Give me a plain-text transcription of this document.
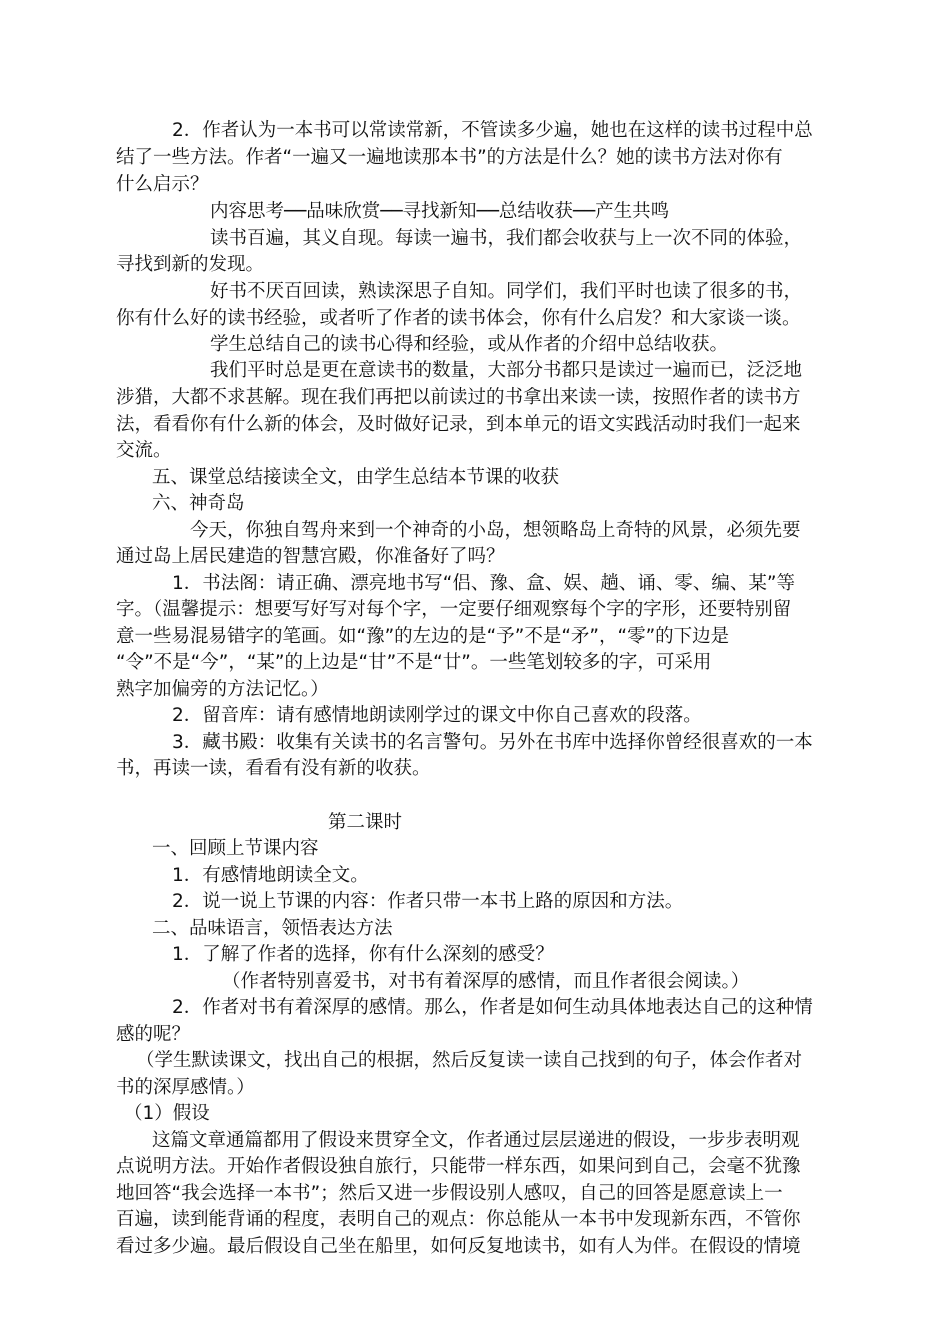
2．作者认为一本书可以常读常新，不管读多少遍，她也在这样的读书过程中总
结了一些方法。作者“一遍又一遍地读那本书”的方法是什么？她的读书方法对你有
什么启示？
内容思考──品味欣赏──寻找新知──总结收获──产生共鸣
读书百遍，其义自现。每读一遍书，我们都会收获与上一次不同的体验，
寻找到新的发现。
好书不厌百回读，熟读深思子自知。同学们，我们平时也读了很多的书，
你有什么好的读书经验，或者听了作者的读书体会，你有什么启发？和大家谈一谈。
学生总结自己的读书心得和经验，或从作者的介绍中总结收获。
我们平时总是更在意读书的数量，大部分书都只是读过一遍而已，泛泛地
涉猎，大都不求甚解。现在我们再把以前读过的书拿出来读一读，按照作者的读书方
法，看看你有什么新的体会，及时做好记录，到本单元的语文实践活动时我们一起来
交流。
五、课堂总结接读全文，由学生总结本节课的收获
六、神奇岛
今天，你独自驾舟来到一个神奇的小岛，想领略岛上奇特的风景，必须先要
通过岛上居民建造的智慧宫殿，你准备好了吗？
1．书法阁：请正确、漂亮地书写“侣、豫、盒、娱、趟、诵、零、编、某”等
字。（温馨提示：想要写好写对每个字，一定要仔细观察每个字的字形，还要特别留
意一些易混易错字的笔画。如“豫”的左边的是“予”不是“矛”，“零”的下边是
“令”不是“今”，“某”的上边是“甘”不是“廿”。一些笔划较多的字，可采用
熟字加偏旁的方法记忆。）
2．留音库：请有感情地朗读刚学过的课文中你自己喜欢的段落。
3．藏书殿：收集有关读书的名言警句。另外在书库中选择你曾经很喜欢的一本
书，再读一读，看看有没有新的收获。
第二课时
一、回顾上节课内容
1．有感情地朗读全文。
2．说一说上节课的内容：作者只带一本书上路的原因和方法。
二、品味语言，领悟表达方法
1．了解了作者的选择，你有什么深刻的感受？
（作者特别喜爱书，对书有着深厚的感情，而且作者很会阅读。）
2．作者对书有着深厚的感情。那么，作者是如何生动具体地表达自己的这种情
感的呢？
（学生默读课文，找出自己的根据，然后反复读一读自己找到的句子，体会作者对
书的深厚感情。）
（1）假设
这篇文章通篇都用了假设来贯穿全文，作者通过层层递进的假设，一步步表明观
点说明方法。开始作者假设独自旅行，只能带一样东西，如果问到自己，会毫不犹豫
地回答“我会选择一本书”；然后又进一步假设别人感叹，自己的回答是愿意读上一
百遍，读到能背诵的程度，表明自己的观点：你总能从一本书中发现新东西，不管你
看过多少遍。最后假设自己坐在船里，如何反复地读书，如有人为伴。在假设的情境
